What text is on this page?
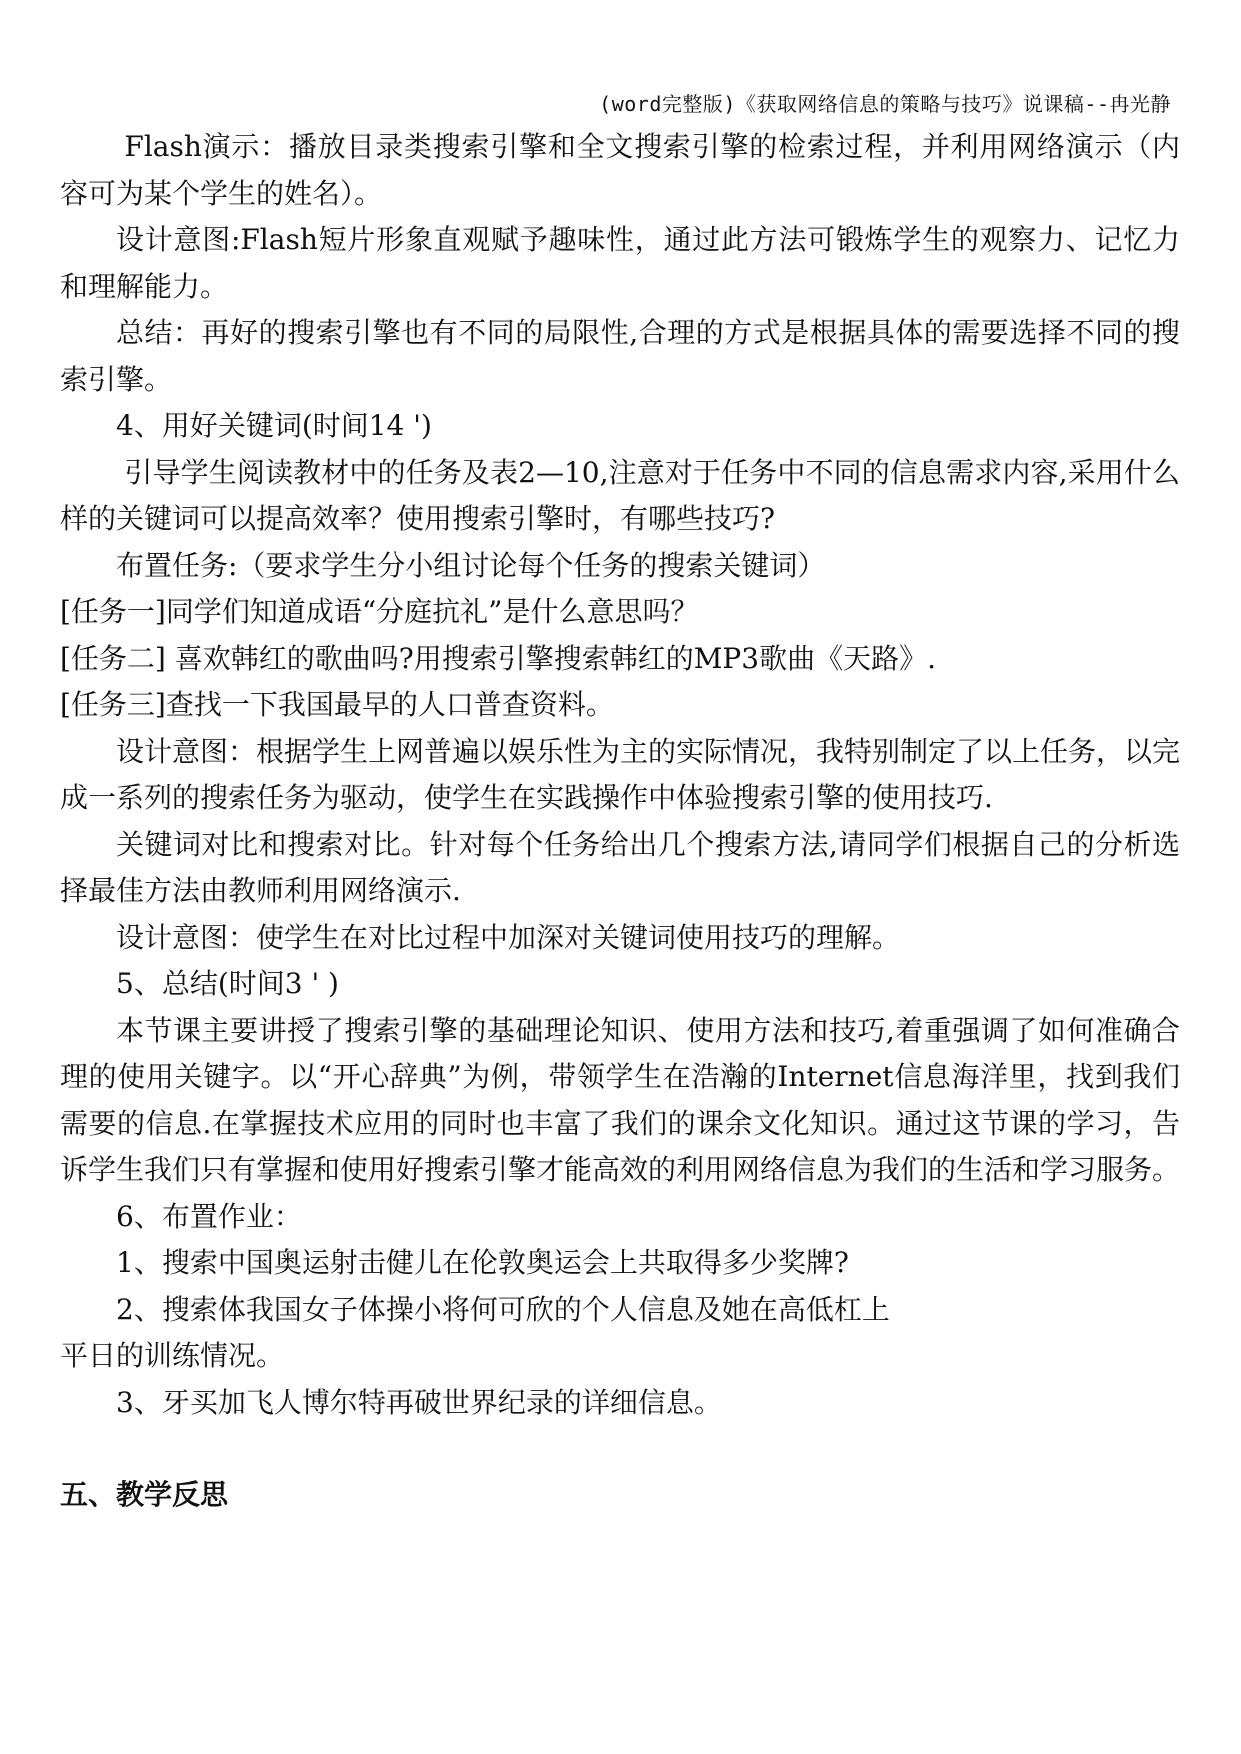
(word完整版)《获取网络信息的策略与技巧》说课稿--冉光静

Flash演示：播放目录类搜索引擎和全文搜索引擎的检索过程，并利用网络演示（内容可为某个学生的姓名）。

设计意图:Flash短片形象直观赋予趣味性，通过此方法可锻炼学生的观察力、记忆力和理解能力。

总结：再好的搜索引擎也有不同的局限性,合理的方式是根据具体的需要选择不同的搜索引擎。

4、用好关键词(时间14 ')

引导学生阅读教材中的任务及表2—10,注意对于任务中不同的信息需求内容,采用什么样的关键词可以提高效率？使用搜索引擎时，有哪些技巧?

布置任务:（要求学生分小组讨论每个任务的搜索关键词）

[任务一]同学们知道成语“分庭抗礼”是什么意思吗？

[任务二] 喜欢韩红的歌曲吗?用搜索引擎搜索韩红的MP3歌曲《天路》.

[任务三]查找一下我国最早的人口普查资料。

设计意图：根据学生上网普遍以娱乐性为主的实际情况，我特别制定了以上任务，以完成一系列的搜索任务为驱动，使学生在实践操作中体验搜索引擎的使用技巧.

关键词对比和搜索对比。针对每个任务给出几个搜索方法,请同学们根据自己的分析选择最佳方法由教师利用网络演示.

设计意图：使学生在对比过程中加深对关键词使用技巧的理解。

5、总结(时间3 ' )

本节课主要讲授了搜索引擎的基础理论知识、使用方法和技巧,着重强调了如何准确合理的使用关键字。以“开心辞典”为例，带领学生在浩瀚的Internet信息海洋里，找到我们需要的信息.在掌握技术应用的同时也丰富了我们的课余文化知识。通过这节课的学习，告诉学生我们只有掌握和使用好搜索引擎才能高效的利用网络信息为我们的生活和学习服务。

6、布置作业：

1、搜索中国奥运射击健儿在伦敦奥运会上共取得多少奖牌?

2、搜索体我国女子体操小将何可欣的个人信息及她在高低杠上

平日的训练情况。

3、牙买加飞人博尔特再破世界纪录的详细信息。

五、教学反思
